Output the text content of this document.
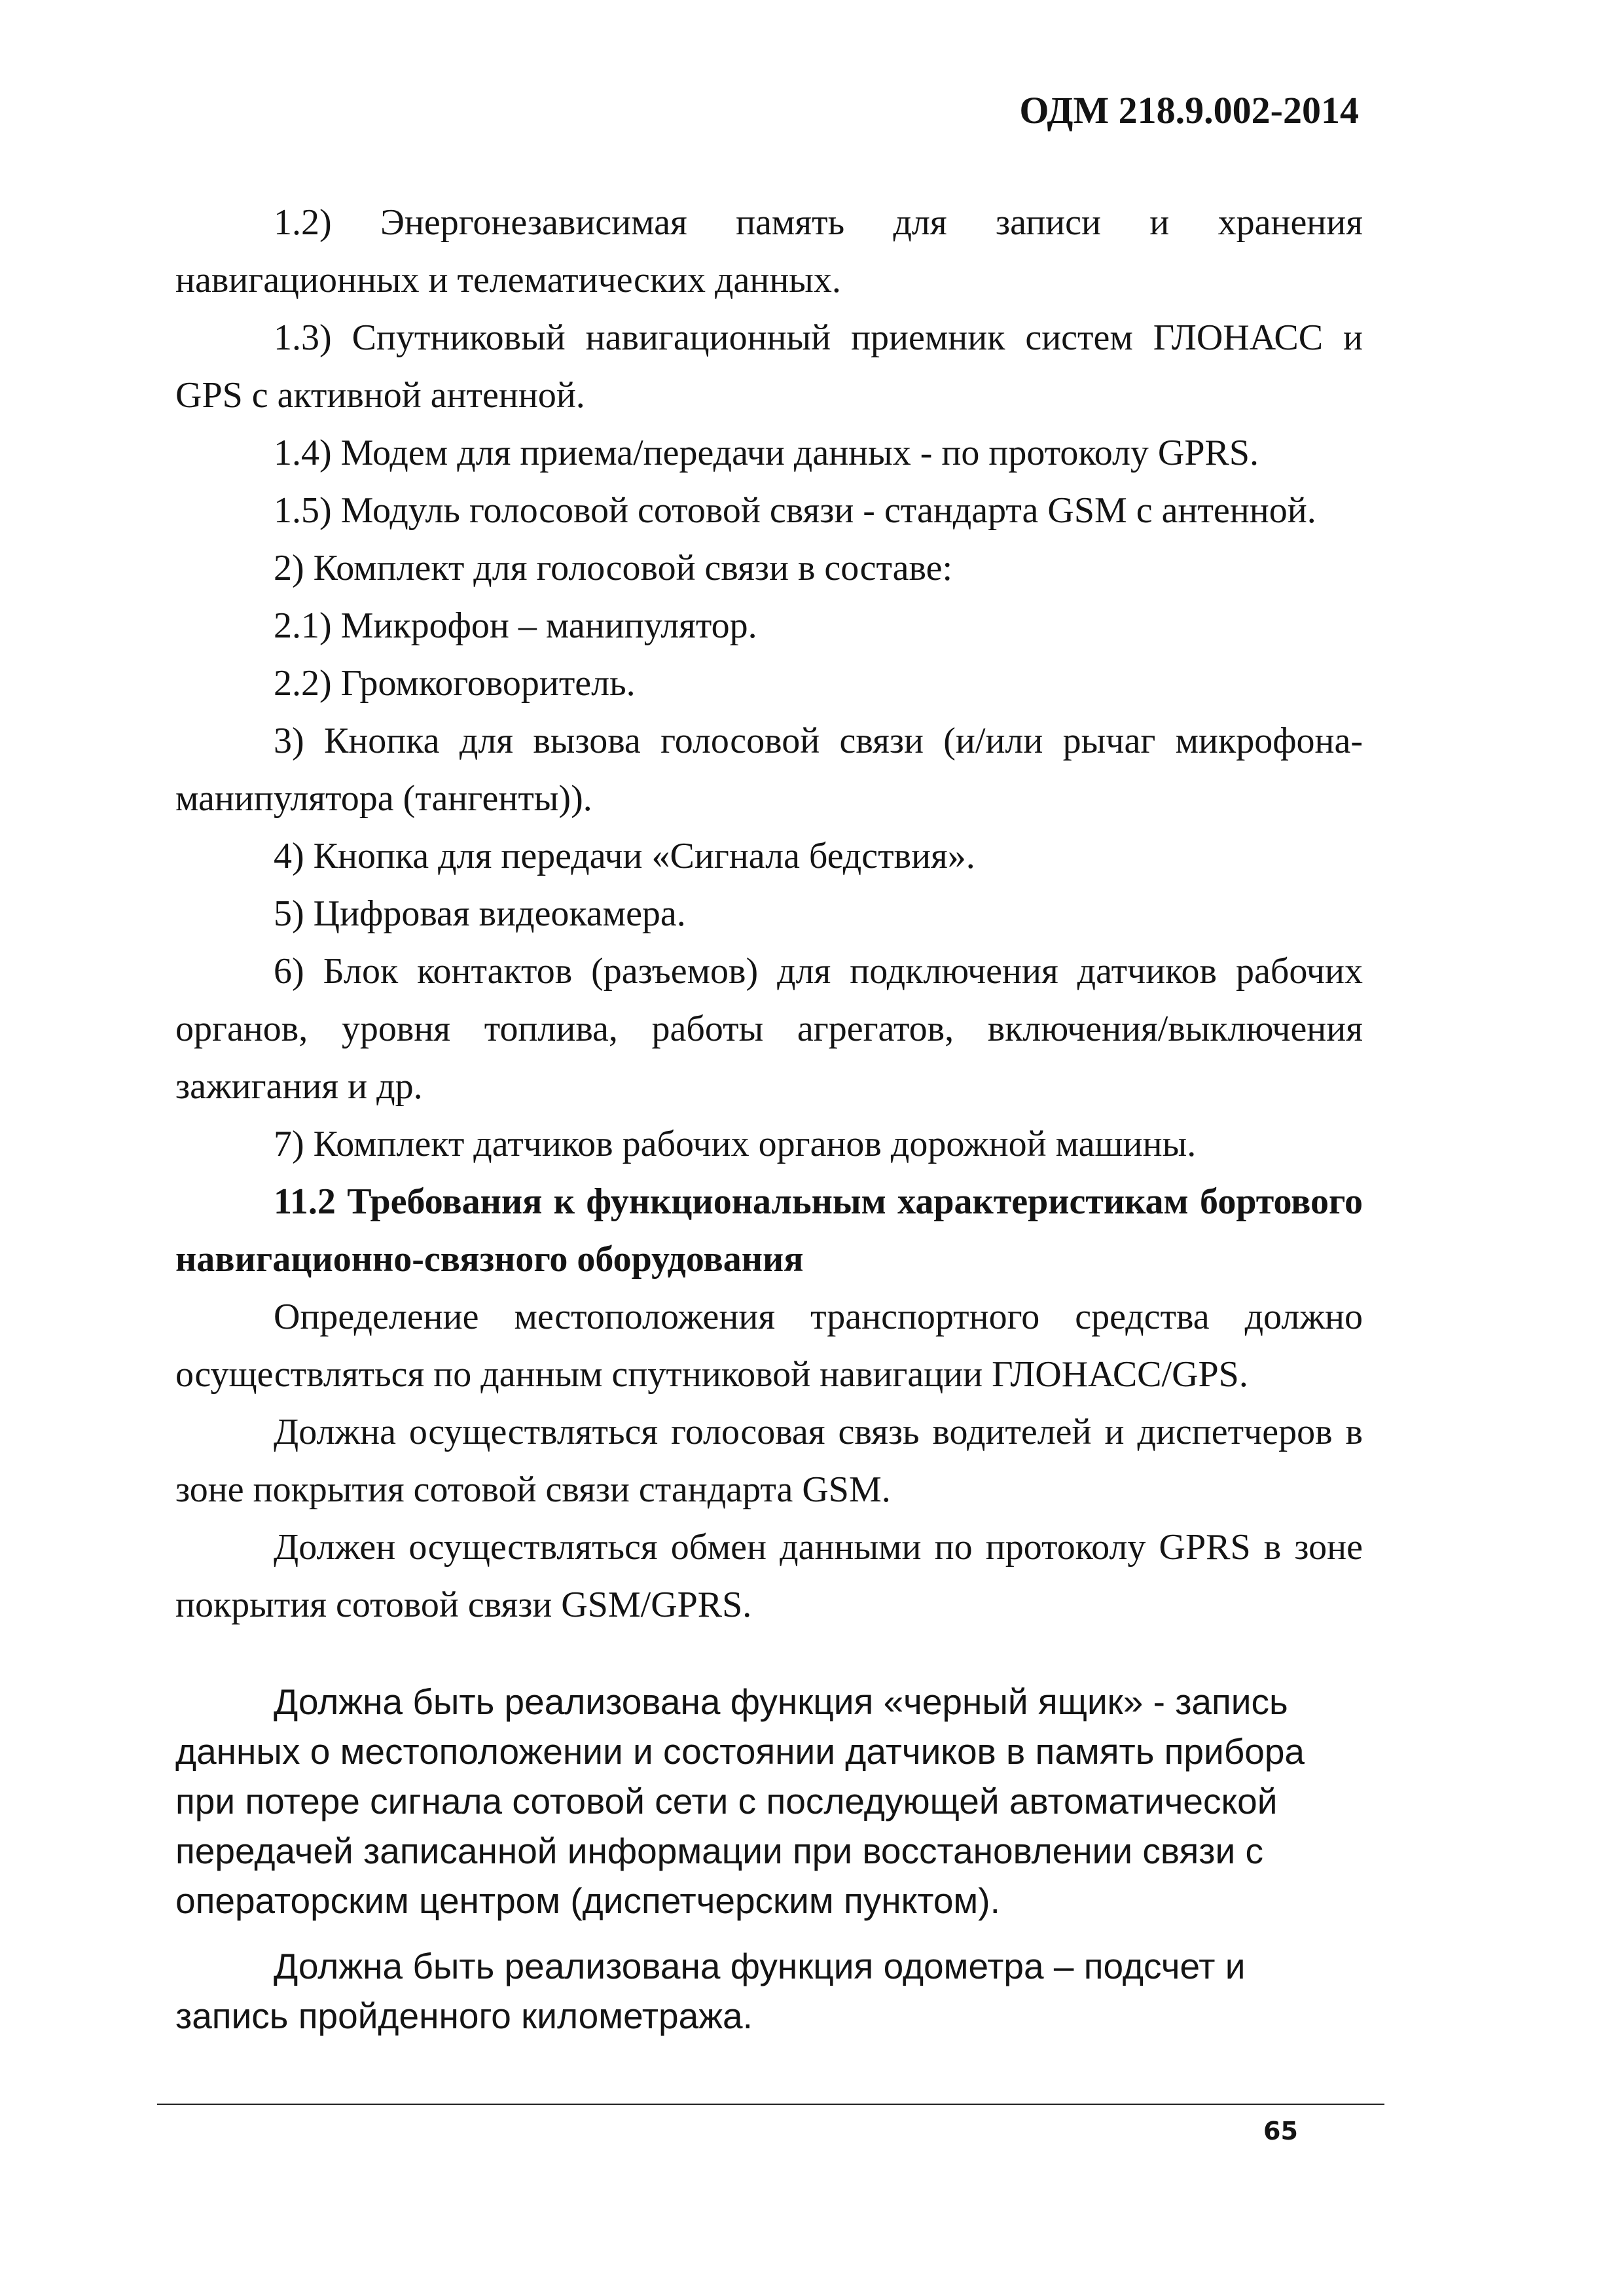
ОДМ 218.9.002-2014

1.2) Энергонезависимая память для записи и хранения навигационных и телематических данных.

1.3) Спутниковый навигационный приемник систем ГЛОНАСС и GPS с активной антенной.

1.4) Модем для приема/передачи данных - по протоколу GPRS.

1.5) Модуль голосовой сотовой связи - стандарта GSM с антенной.

2) Комплект для голосовой связи в составе:

2.1) Микрофон – манипулятор.

2.2) Громкоговоритель.

3) Кнопка для вызова голосовой связи (и/или рычаг микрофона-манипулятора (тангенты)).

4) Кнопка для передачи «Сигнала бедствия».

5) Цифровая видеокамера.

6) Блок контактов (разъемов) для подключения датчиков рабочих органов, уровня топлива, работы агрегатов, включения/выключения зажигания и др.

7) Комплект датчиков рабочих органов дорожной машины.

11.2 Требования к функциональным характеристикам бортового навигационно-связного оборудования

Определение местоположения транспортного средства должно осуществляться по данным спутниковой навигации ГЛОНАСС/GPS.

Должна осуществляться голосовая связь водителей и диспетчеров в зоне покрытия сотовой связи стандарта GSM.

Должен осуществляться обмен данными по протоколу GPRS в зоне покрытия сотовой связи GSM/GPRS.

Должна быть реализована функция «черный ящик» - запись данных о местоположении и состоянии датчиков в память прибора при потере сигнала сотовой сети с последующей автоматической передачей записанной информации при восстановлении связи с операторским центром (диспетчерским пунктом).

Должна быть реализована функция одометра – подсчет и запись пройденного километража.

65
